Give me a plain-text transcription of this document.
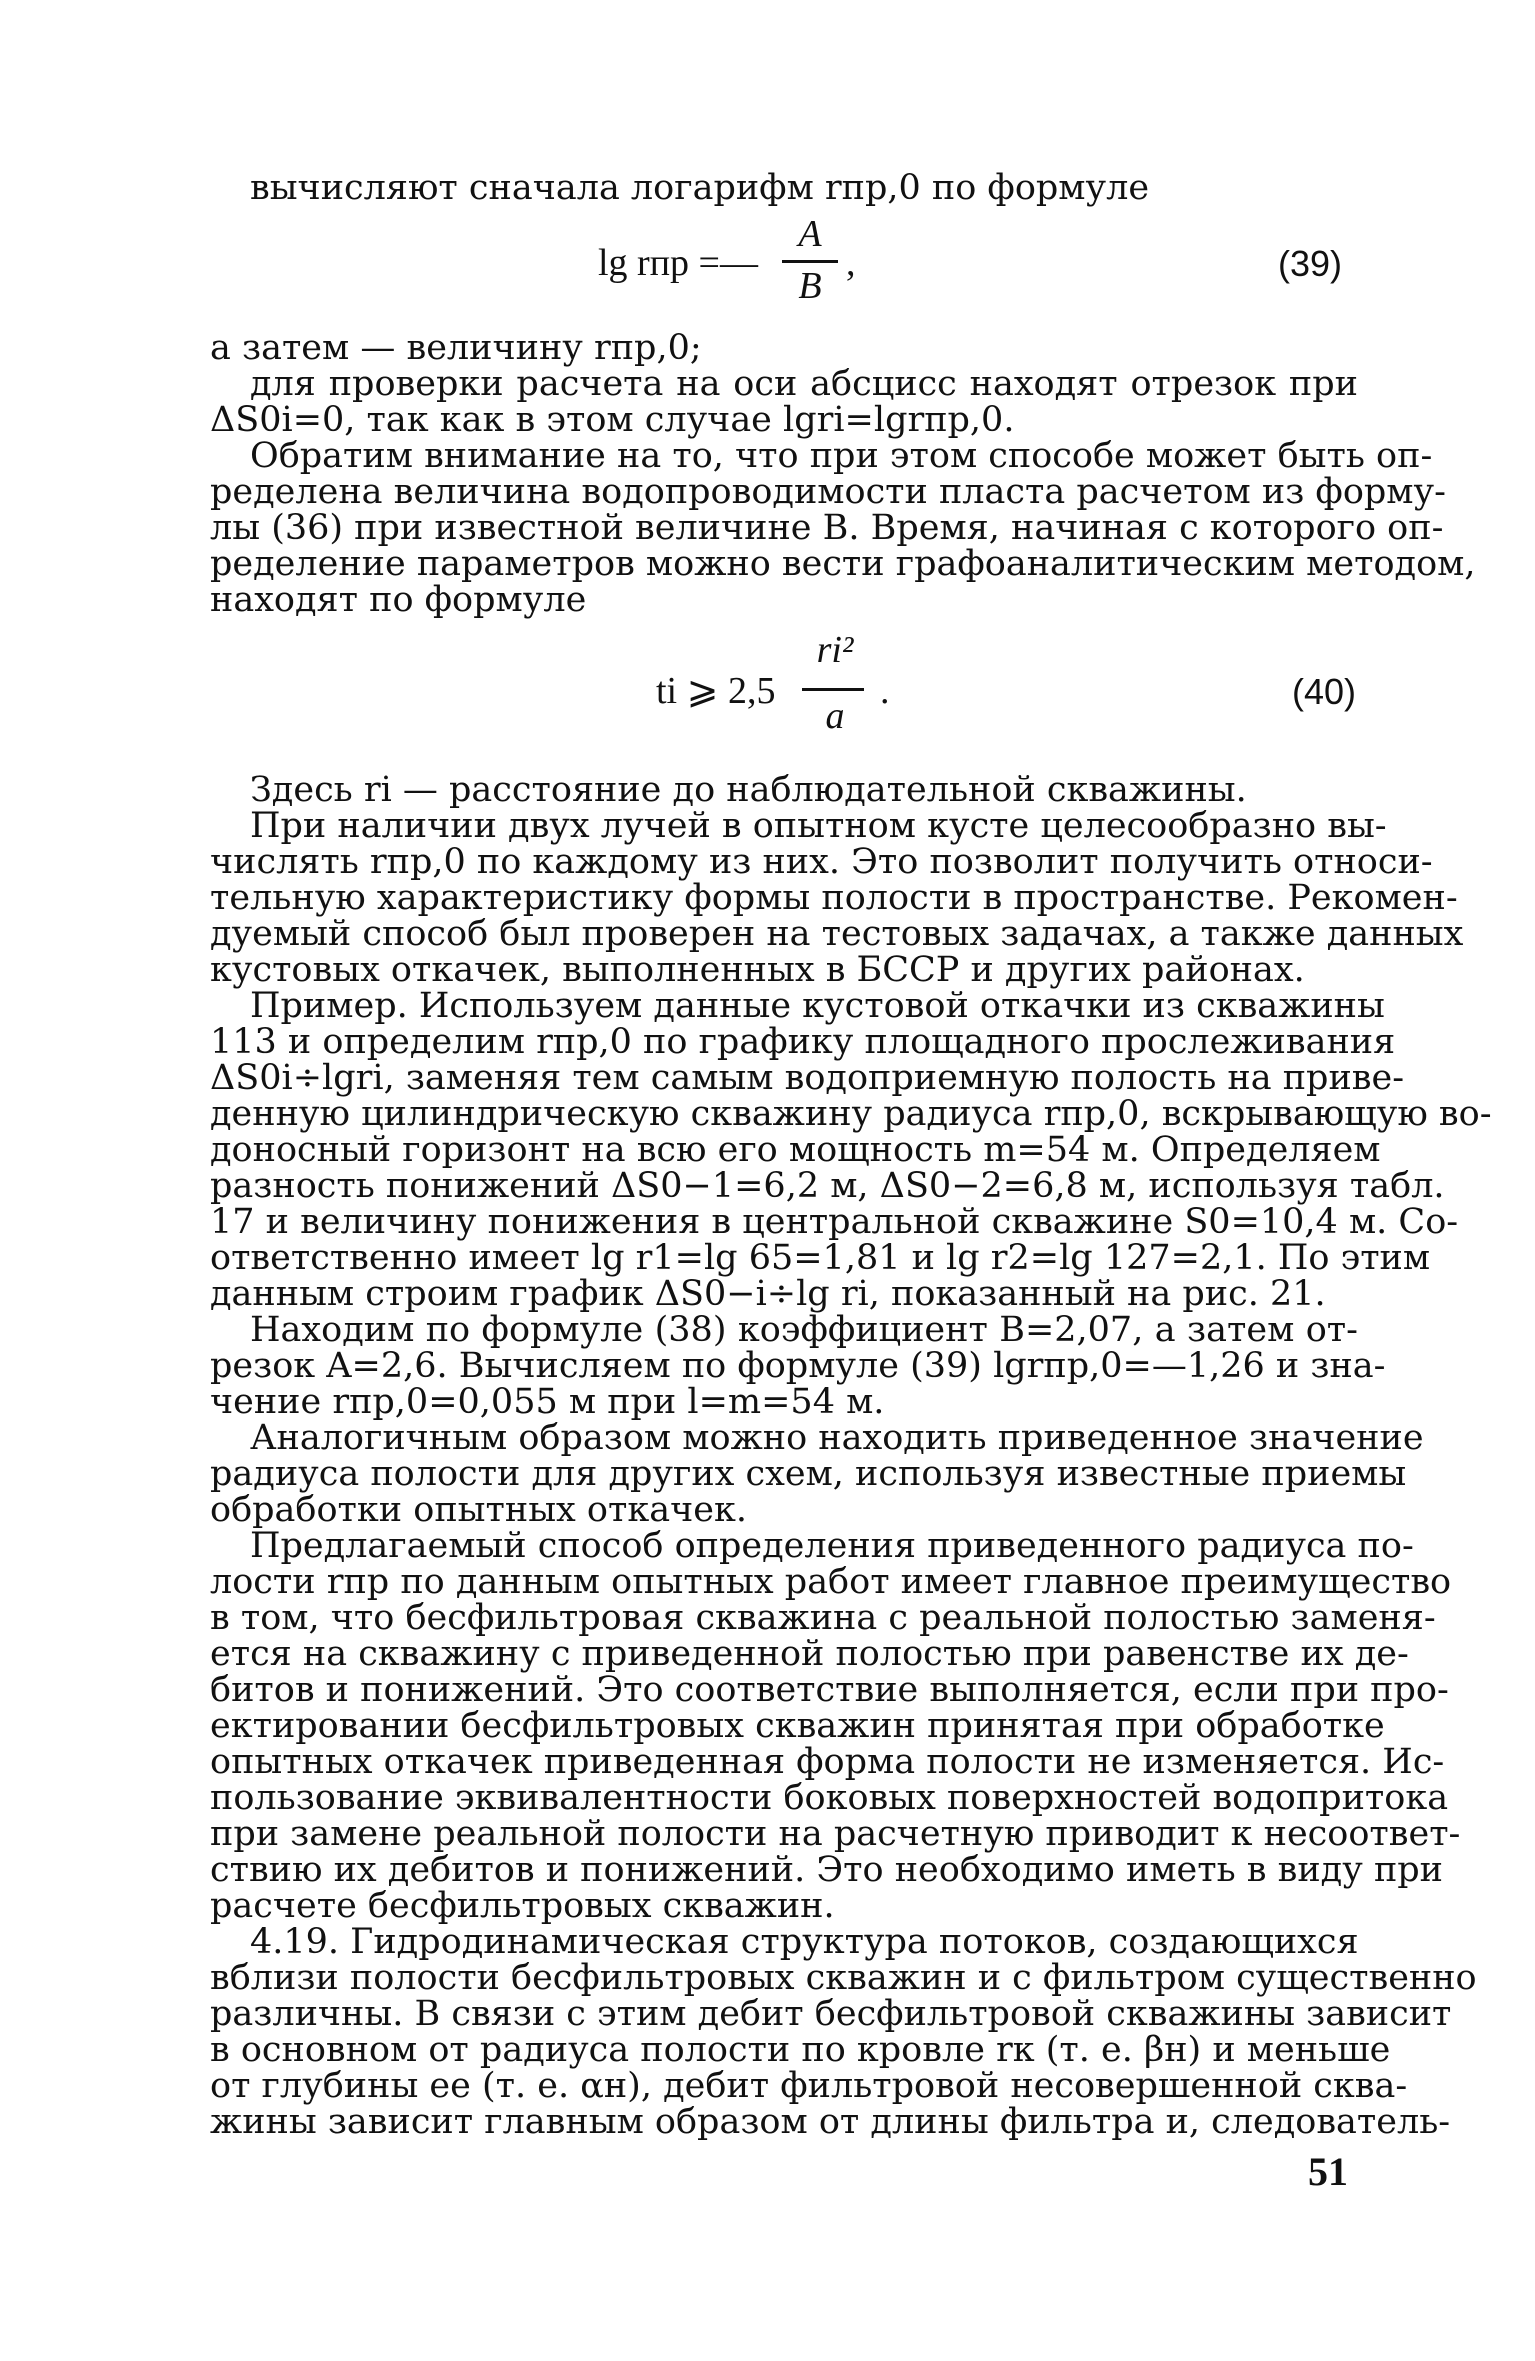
вычисляют сначала логарифм rпр,0 по формуле
а затем — величину rпр,0;
для проверки расчета на оси абсцисс находят отрезок при
ΔS0i=0, так как в этом случае lgri=lgrпр,0.
Обратим внимание на то, что при этом способе может быть оп-
ределена величина водопроводимости пласта расчетом из форму-
лы (36) при известной величине B. Время, начиная с которого оп-
ределение параметров можно вести графоаналитическим методом,
находят по формуле
Здесь ri — расстояние до наблюдательной скважины.
При наличии двух лучей в опытном кусте целесообразно вы-
числять rпр,0 по каждому из них. Это позволит получить относи-
тельную характеристику формы полости в пространстве. Рекомен-
дуемый способ был проверен на тестовых задачах, а также данных
кустовых откачек, выполненных в БССР и других районах.
Пример. Используем данные кустовой откачки из скважины
113 и определим rпр,0 по графику площадного прослеживания
ΔS0i÷lgri, заменяя тем самым водоприемную полость на приве-
денную цилиндрическую скважину радиуса rпр,0, вскрывающую во-
доносный горизонт на всю его мощность m=54 м. Определяем
разность понижений ΔS0−1=6,2 м, ΔS0−2=6,8 м, используя табл.
17 и величину понижения в центральной скважине S0=10,4 м. Со-
ответственно имеет lg r1=lg 65=1,81 и lg r2=lg 127=2,1. По этим
данным строим график ΔS0−i÷lg ri, показанный на рис. 21.
Находим по формуле (38) коэффициент B=2,07, а затем от-
резок A=2,6. Вычисляем по формуле (39) lgrпр,0=—1,26 и зна-
чение rпр,0=0,055 м при l=m=54 м.
Аналогичным образом можно находить приведенное значение
радиуса полости для других схем, используя известные приемы
обработки опытных откачек.
Предлагаемый способ определения приведенного радиуса по-
лости rпр по данным опытных работ имеет главное преимущество
в том, что бесфильтровая скважина с реальной полостью заменя-
ется на скважину с приведенной полостью при равенстве их де-
битов и понижений. Это соответствие выполняется, если при про-
ектировании бесфильтровых скважин принятая при обработке
опытных откачек приведенная форма полости не изменяется. Ис-
пользование эквивалентности боковых поверхностей водопритока
при замене реальной полости на расчетную приводит к несоответ-
ствию их дебитов и понижений. Это необходимо иметь в виду при
расчете бесфильтровых скважин.
4.19. Гидродинамическая структура потоков, создающихся
вблизи полости бесфильтровых скважин и с фильтром существенно
различны. В связи с этим дебит бесфильтровой скважины зависит
в основном от радиуса полости по кровле rк (т. е. βн) и меньше
от глубины ее (т. е. αн), дебит фильтровой несовершенной сква-
жины зависит главным образом от длины фильтра и, следователь-
lg rпр =—
A
B
,	(39)
ti ⩾ 2,5
ri²
a
.	(40)
51
